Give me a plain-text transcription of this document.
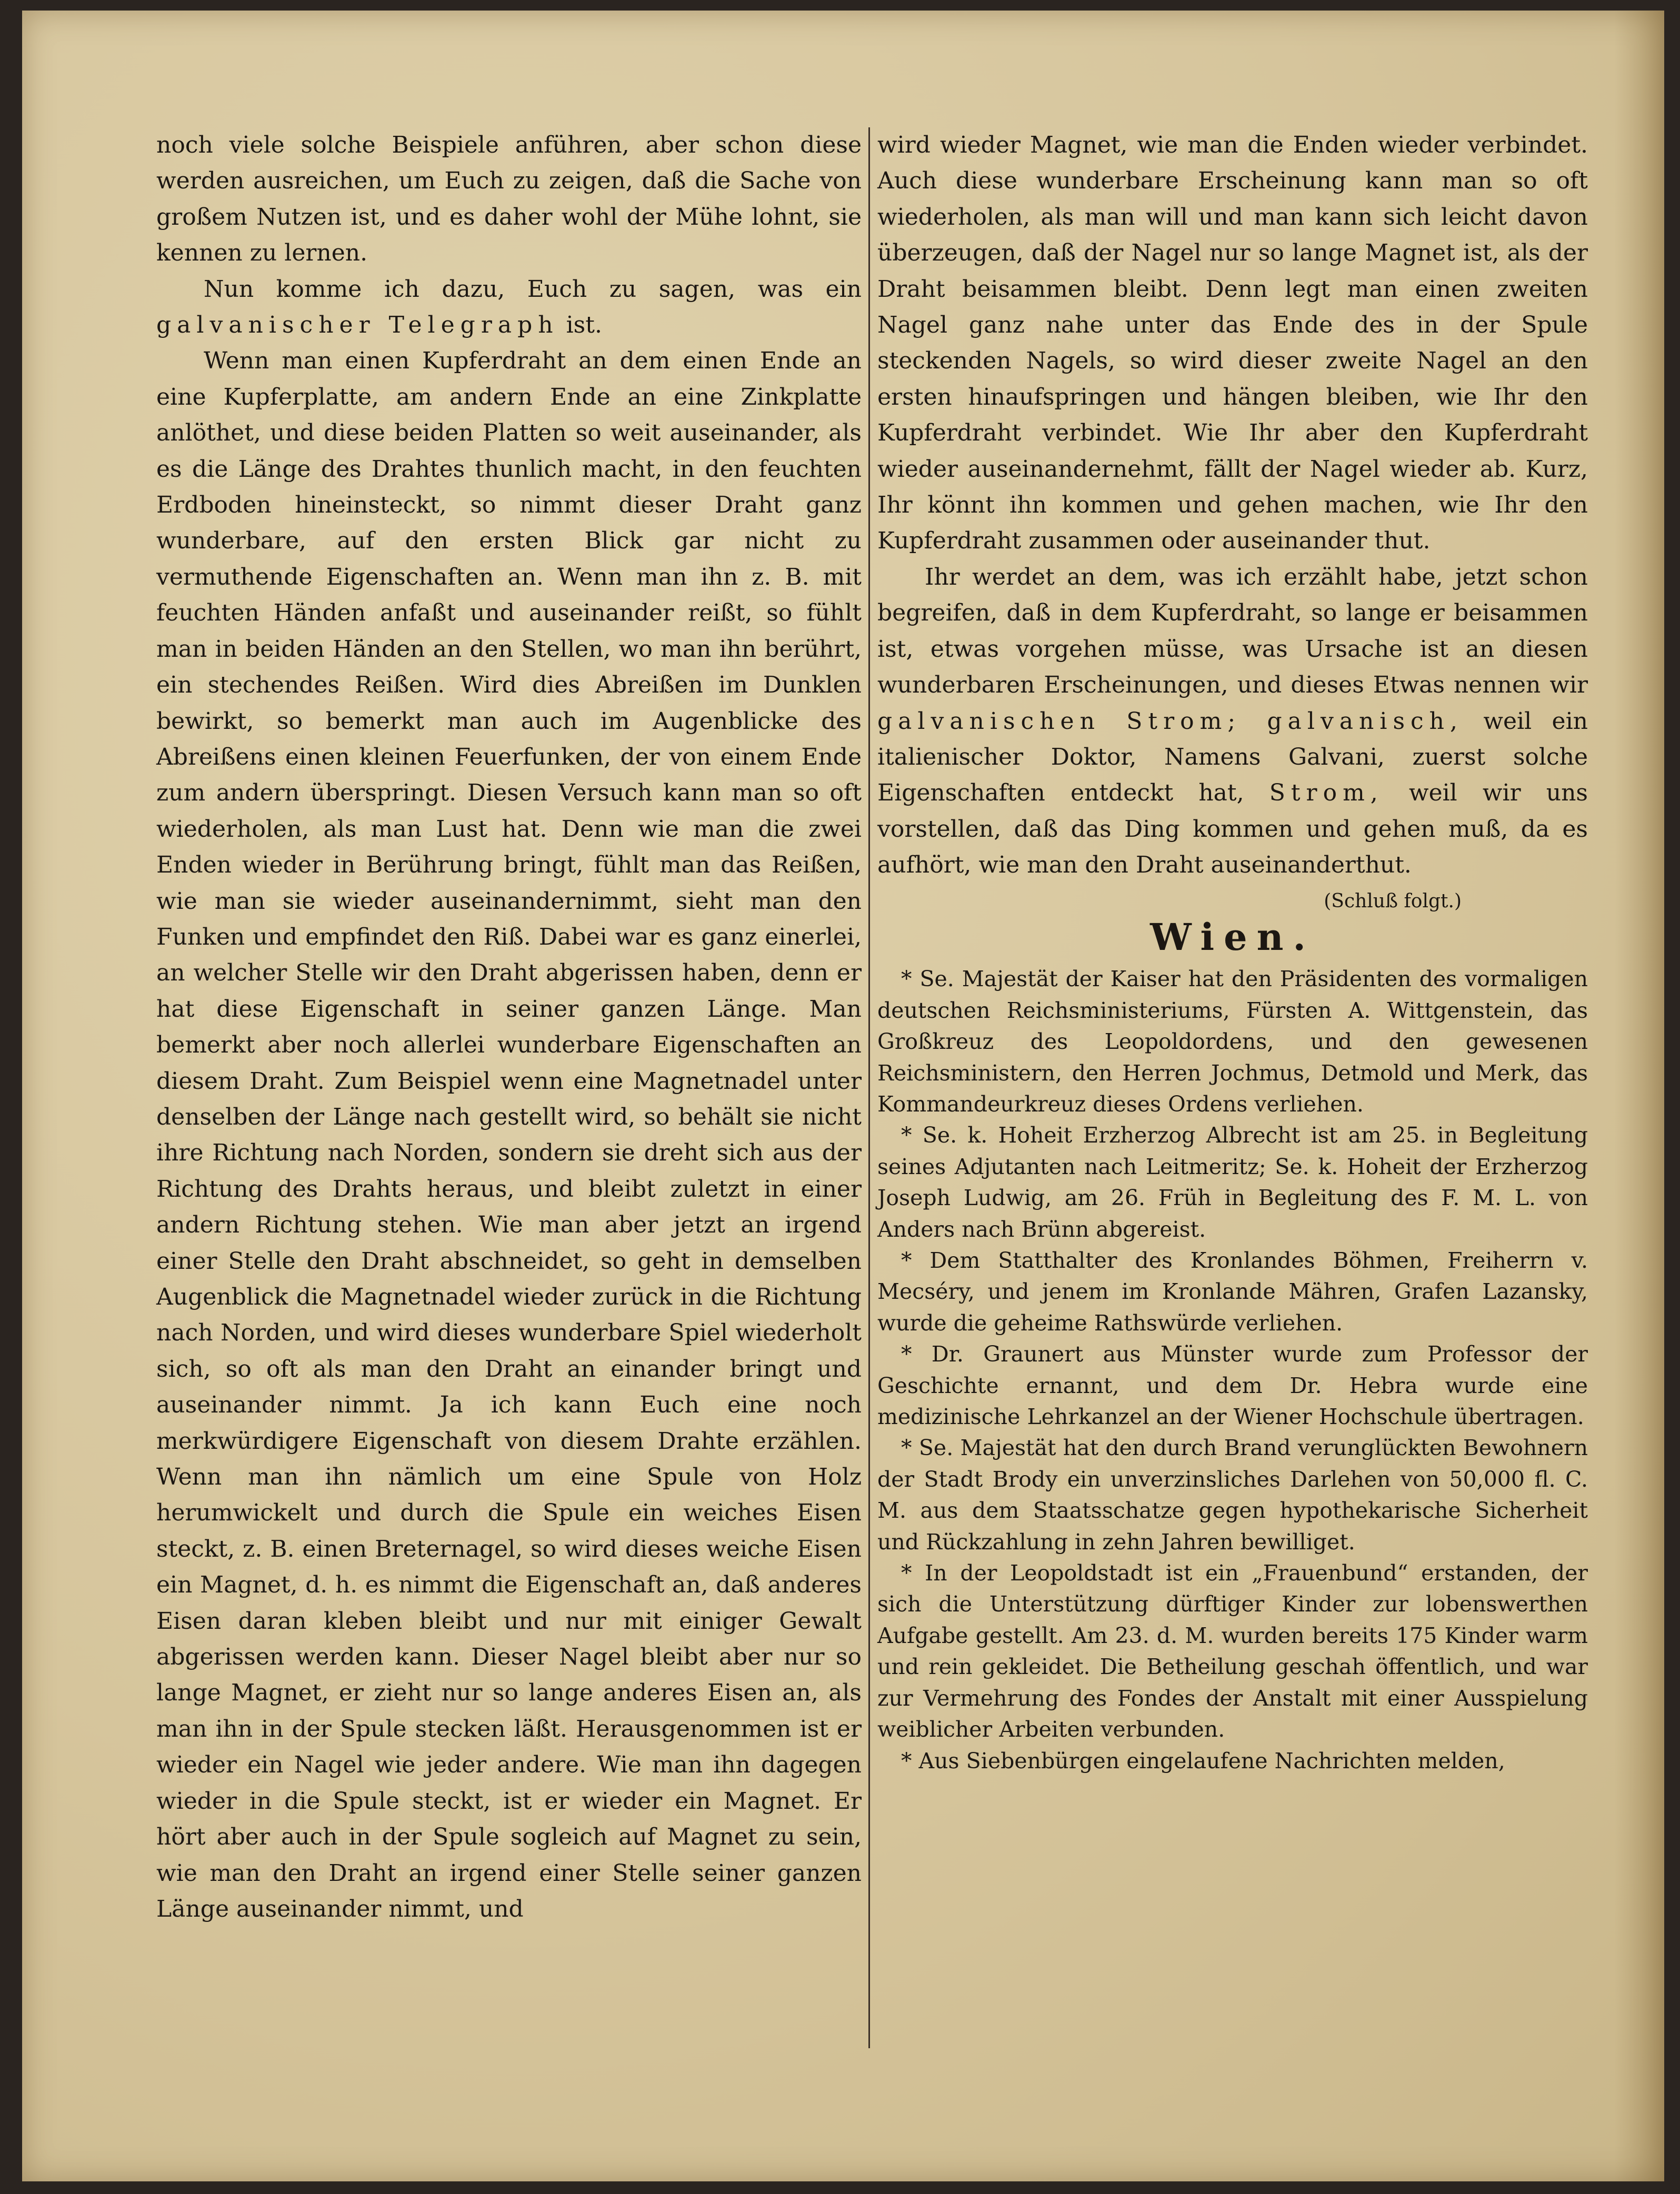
noch viele solche Beispiele anführen, aber schon diese werden ausreichen, um Euch zu zeigen, daß die Sache von großem Nutzen ist, und es daher wohl der Mühe lohnt, sie kennen zu lernen.

Nun komme ich dazu, Euch zu sagen, was ein galvanischer Telegraph ist.

Wenn man einen Kupferdraht an dem einen Ende an eine Kupferplatte, am andern Ende an eine Zinkplatte anlöthet, und diese beiden Platten so weit auseinander, als es die Länge des Drahtes thunlich macht, in den feuchten Erdboden hineinsteckt, so nimmt dieser Draht ganz wunderbare, auf den ersten Blick gar nicht zu vermuthende Eigenschaften an. Wenn man ihn z. B. mit feuchten Händen anfaßt und auseinander reißt, so fühlt man in beiden Händen an den Stellen, wo man ihn berührt, ein stechendes Reißen. Wird dies Abreißen im Dunklen bewirkt, so bemerkt man auch im Augenblicke des Abreißens einen kleinen Feuerfunken, der von einem Ende zum andern überspringt. Diesen Versuch kann man so oft wiederholen, als man Lust hat. Denn wie man die zwei Enden wieder in Berührung bringt, fühlt man das Reißen, wie man sie wieder auseinandernimmt, sieht man den Funken und empfindet den Riß. Dabei war es ganz einerlei, an welcher Stelle wir den Draht abgerissen haben, denn er hat diese Eigenschaft in seiner ganzen Länge. Man bemerkt aber noch allerlei wunderbare Eigenschaften an diesem Draht. Zum Beispiel wenn eine Magnetnadel unter denselben der Länge nach gestellt wird, so behält sie nicht ihre Richtung nach Norden, sondern sie dreht sich aus der Richtung des Drahts heraus, und bleibt zuletzt in einer andern Richtung stehen. Wie man aber jetzt an irgend einer Stelle den Draht abschneidet, so geht in demselben Augenblick die Magnetnadel wieder zurück in die Richtung nach Norden, und wird dieses wunderbare Spiel wiederholt sich, so oft als man den Draht an einander bringt und auseinander nimmt. Ja ich kann Euch eine noch merkwürdigere Eigenschaft von diesem Drahte erzählen. Wenn man ihn nämlich um eine Spule von Holz herumwickelt und durch die Spule ein weiches Eisen steckt, z. B. einen Breternagel, so wird dieses weiche Eisen ein Magnet, d. h. es nimmt die Eigenschaft an, daß anderes Eisen daran kleben bleibt und nur mit einiger Gewalt abgerissen werden kann. Dieser Nagel bleibt aber nur so lange Magnet, er zieht nur so lange anderes Eisen an, als man ihn in der Spule stecken läßt. Herausgenommen ist er wieder ein Nagel wie jeder andere. Wie man ihn dagegen wieder in die Spule steckt, ist er wieder ein Magnet. Er hört aber auch in der Spule sogleich auf Magnet zu sein, wie man den Draht an irgend einer Stelle seiner ganzen Länge auseinander nimmt, und

wird wieder Magnet, wie man die Enden wieder verbindet. Auch diese wunderbare Erscheinung kann man so oft wiederholen, als man will und man kann sich leicht davon überzeugen, daß der Nagel nur so lange Magnet ist, als der Draht beisammen bleibt. Denn legt man einen zweiten Nagel ganz nahe unter das Ende des in der Spule steckenden Nagels, so wird dieser zweite Nagel an den ersten hinaufspringen und hängen bleiben, wie Ihr den Kupferdraht verbindet. Wie Ihr aber den Kupferdraht wieder auseinandernehmt, fällt der Nagel wieder ab. Kurz, Ihr könnt ihn kommen und gehen machen, wie Ihr den Kupferdraht zusammen oder auseinander thut.

Ihr werdet an dem, was ich erzählt habe, jetzt schon begreifen, daß in dem Kupferdraht, so lange er beisammen ist, etwas vorgehen müsse, was Ursache ist an diesen wunderbaren Erscheinungen, und dieses Etwas nennen wir galvanischen Strom; galvanisch, weil ein italienischer Doktor, Namens Galvani, zuerst solche Eigenschaften entdeckt hat, Strom, weil wir uns vorstellen, daß das Ding kommen und gehen muß, da es aufhört, wie man den Draht auseinanderthut.

(Schluß folgt.)

Wien.

* Se. Majestät der Kaiser hat den Präsidenten des vormaligen deutschen Reichsministeriums, Fürsten A. Wittgenstein, das Großkreuz des Leopoldordens, und den gewesenen Reichsministern, den Herren Jochmus, Detmold und Merk, das Kommandeurkreuz dieses Ordens verliehen.

* Se. k. Hoheit Erzherzog Albrecht ist am 25. in Begleitung seines Adjutanten nach Leitmeritz; Se. k. Hoheit der Erzherzog Joseph Ludwig, am 26. Früh in Begleitung des F. M. L. von Anders nach Brünn abgereist.

* Dem Statthalter des Kronlandes Böhmen, Freiherrn v. Mecséry, und jenem im Kronlande Mähren, Grafen Lazansky, wurde die geheime Rathswürde verliehen.

* Dr. Graunert aus Münster wurde zum Professor der Geschichte ernannt, und dem Dr. Hebra wurde eine medizinische Lehrkanzel an der Wiener Hochschule übertragen.

* Se. Majestät hat den durch Brand verunglückten Bewohnern der Stadt Brody ein unverzinsliches Darlehen von 50,000 fl. C. M. aus dem Staatsschatze gegen hypothekarische Sicherheit und Rückzahlung in zehn Jahren bewilliget.

* In der Leopoldstadt ist ein „Frauenbund“ erstanden, der sich die Unterstützung dürftiger Kinder zur lobenswerthen Aufgabe gestellt. Am 23. d. M. wurden bereits 175 Kinder warm und rein gekleidet. Die Betheilung geschah öffentlich, und war zur Vermehrung des Fondes der Anstalt mit einer Ausspielung weiblicher Arbeiten verbunden.

* Aus Siebenbürgen eingelaufene Nachrichten melden,
